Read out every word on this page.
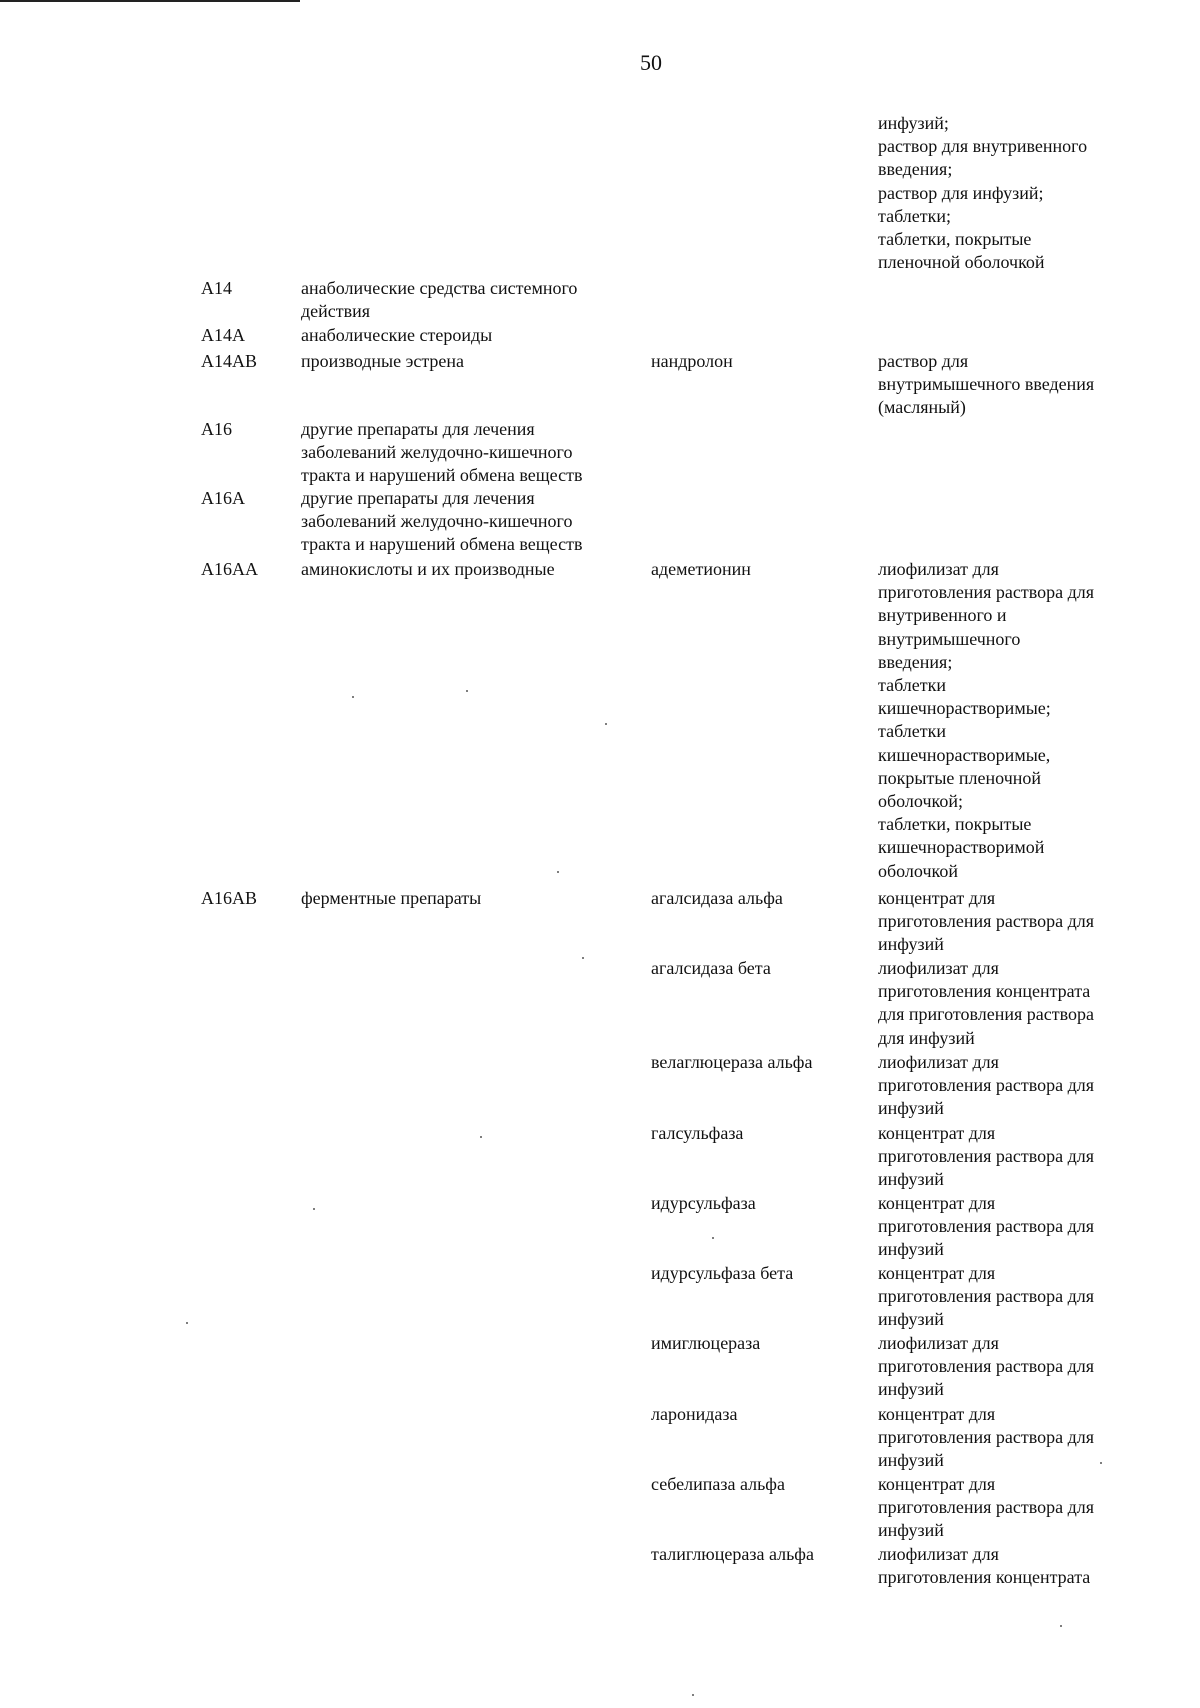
50
инфузий;
раствор для внутривенного
введения;
раствор для инфузий;
таблетки;
таблетки, покрытые
пленочной оболочкой
А14	анаболические средства системного
действия
А14А	анаболические стероиды
А14АВ	производные эстрена	нандролон	раствор для
внутримышечного введения
(масляный)
А16	другие препараты для лечения
заболеваний желудочно-кишечного
тракта и нарушений обмена веществ
А16А	другие препараты для лечения
заболеваний желудочно-кишечного
тракта и нарушений обмена веществ
А16АА	аминокислоты и их производные	адеметионин	лиофилизат для
приготовления раствора для
внутривенного и
внутримышечного
введения;
таблетки
кишечнорастворимые;
таблетки
кишечнорастворимые,
покрытые пленочной
оболочкой;
таблетки, покрытые
кишечнорастворимой
оболочкой
А16АВ	ферментные препараты	агалсидаза альфа	концентрат для
приготовления раствора для
инфузий
агалсидаза бета	лиофилизат для
приготовления концентрата
для приготовления раствора
для инфузий
велаглюцераза альфа	лиофилизат для
приготовления раствора для
инфузий
галсульфаза	концентрат для
приготовления раствора для
инфузий
идурсульфаза	концентрат для
приготовления раствора для
инфузий
идурсульфаза бета	концентрат для
приготовления раствора для
инфузий
имиглюцераза	лиофилизат для
приготовления раствора для
инфузий
ларонидаза	концентрат для
приготовления раствора для
инфузий
себелипаза альфа	концентрат для
приготовления раствора для
инфузий
талиглюцераза альфа	лиофилизат для
приготовления концентрата
